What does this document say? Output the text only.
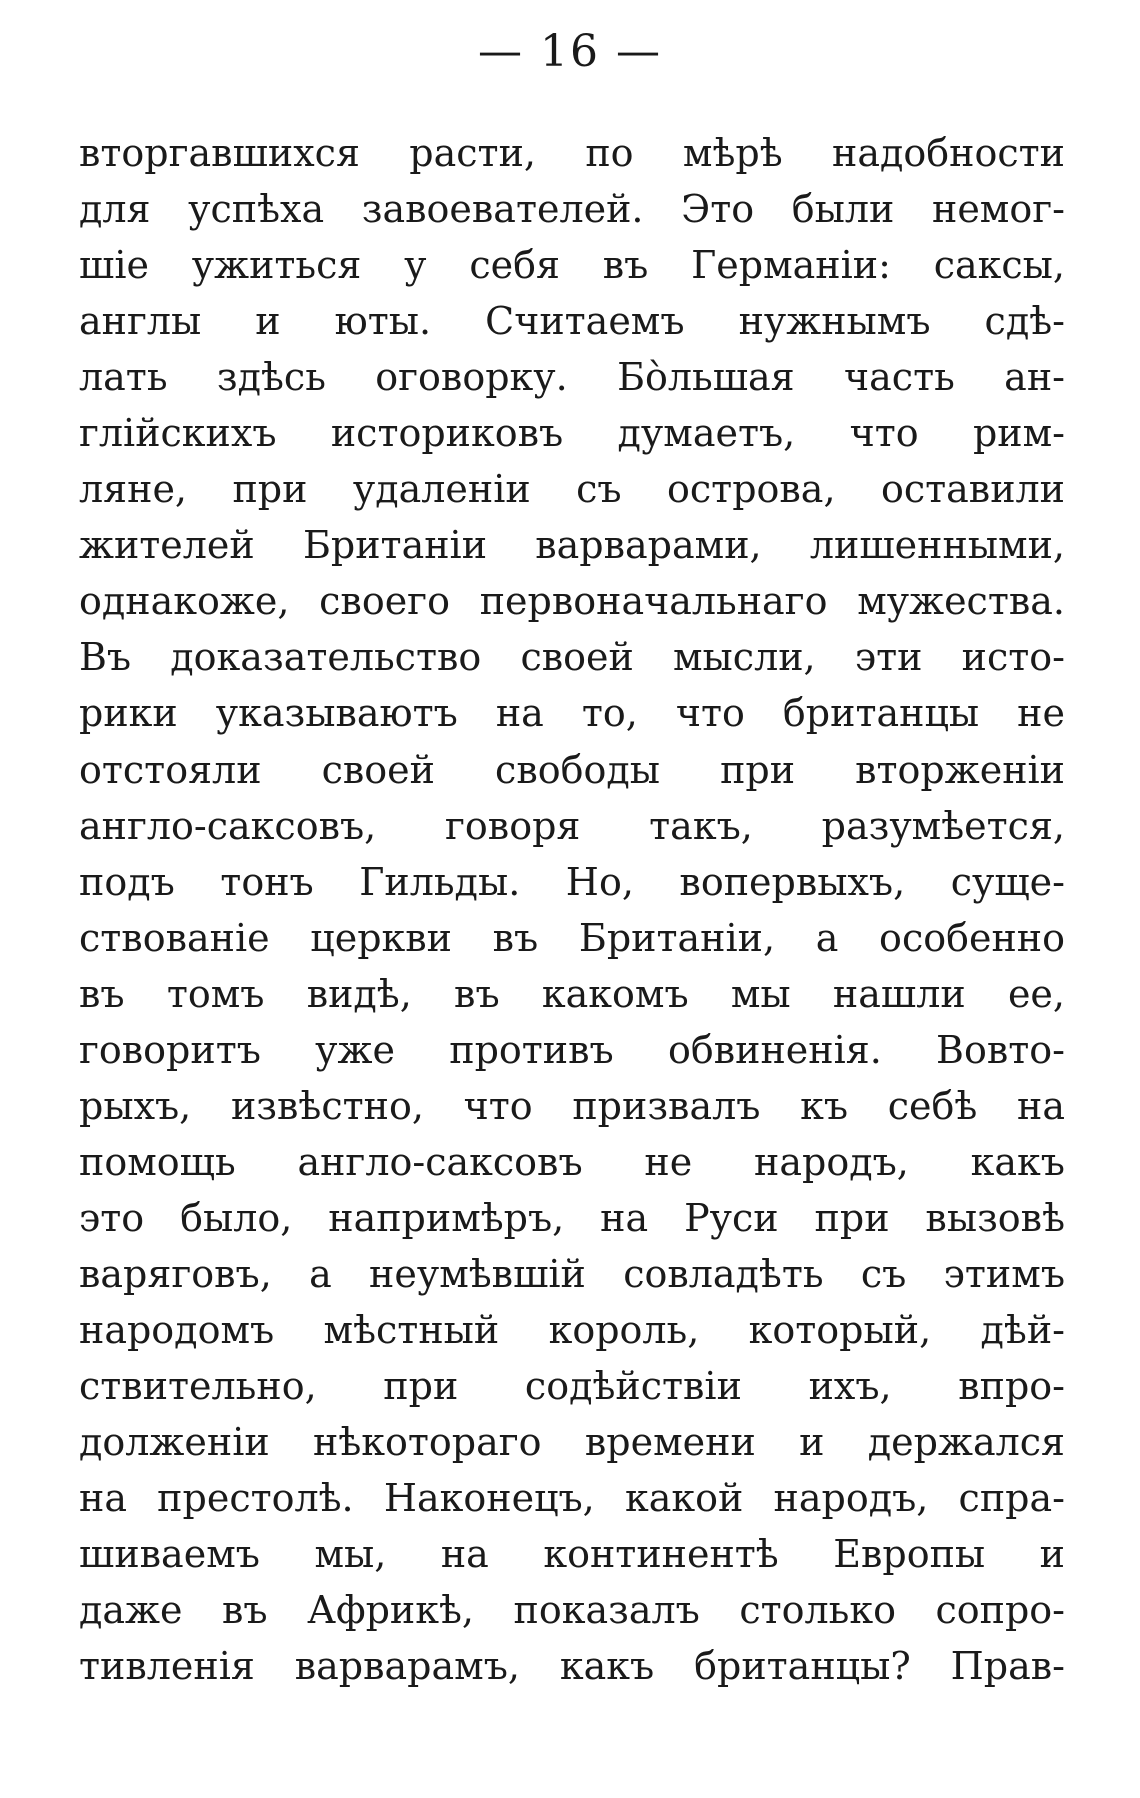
— 16 —
вторгавшихся расти, по мѣрѣ надобности
для успѣха завоевателей. Это были немог-
шіе ужиться у себя въ Германіи: саксы,
англы и юты. Считаемъ нужнымъ сдѣ-
лать здѣсь оговорку. Бо̀льшая часть ан-
глійскихъ историковъ думаетъ, что рим-
ляне, при удаленіи съ острова, оставили
жителей Британіи варварами, лишенными,
однакоже, своего первоначальнаго мужества.
Въ доказательство своей мысли, эти исто-
рики указываютъ на то, что британцы не
отстояли своей свободы при вторженіи
англо-саксовъ, говоря такъ, разумѣется,
подъ тонъ Гильды. Но, вопервыхъ, суще-
ствованіе церкви въ Британіи, а особенно
въ томъ видѣ, въ какомъ мы нашли ее,
говоритъ уже противъ обвиненія. Вовто-
рыхъ, извѣстно, что призвалъ къ себѣ на
помощь англо-саксовъ не народъ, какъ
это было, напримѣръ, на Руси при вызовѣ
варяговъ, а неумѣвшій совладѣть съ этимъ
народомъ мѣстный король, который, дѣй-
ствительно, при содѣйствіи ихъ, впро-
долженіи нѣкотораго времени и держался
на престолѣ. Наконецъ, какой народъ, спра-
шиваемъ мы, на континентѣ Европы и
даже въ Африкѣ, показалъ столько сопро-
тивленія варварамъ, какъ британцы? Прав-
